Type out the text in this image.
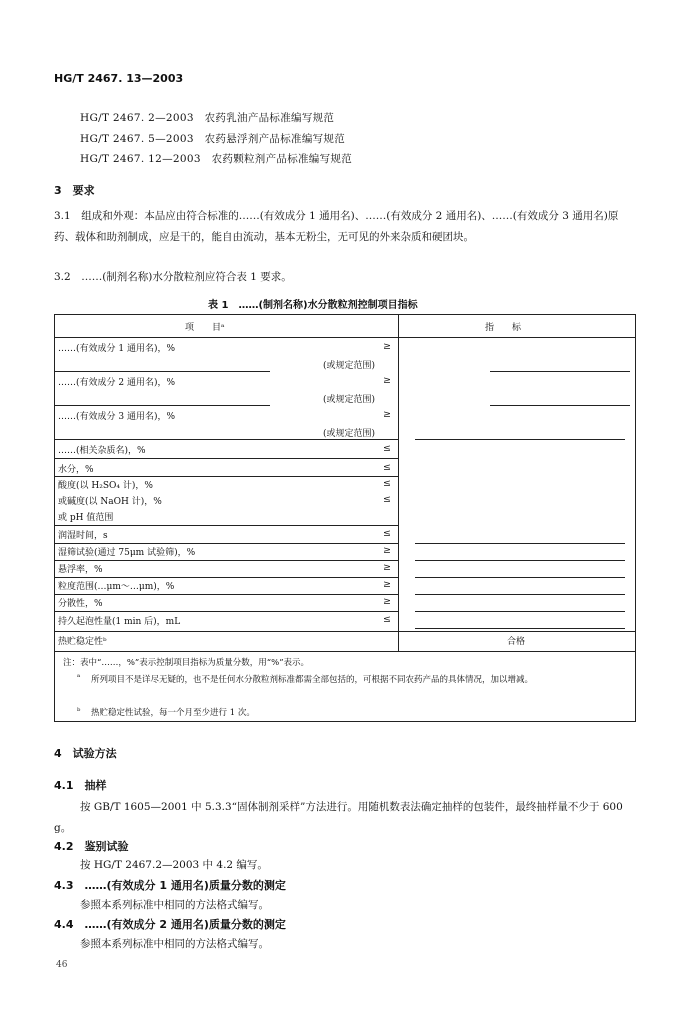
HG/T 2467. 13—2003
HG/T 2467. 2—2003　农药乳油产品标准编写规范
HG/T 2467. 5—2003　农药悬浮剂产品标准编写规范
HG/T 2467. 12—2003　农药颗粒剂产品标准编写规范
3　要求
3.1　组成和外观：本品应由符合标准的……(有效成分 1 通用名)、……(有效成分 2 通用名)、……(有效成分 3 通用名)原药、载体和助剂制成，应是干的，能自由流动，基本无粉尘，无可见的外来杂质和硬团块。
3.2　……(制剂名称)水分散粒剂应符合表 1 要求。
表 1　……(制剂名称)水分散粒剂控制项目指标
项　　目ᵃ	指　　标
……(有效成分 1 通用名)，%	≥
(或规定范围)
……(有效成分 2 通用名)，%	≥
(或规定范围)
……(有效成分 3 通用名)，%	≥
(或规定范围)
……(相关杂质名)，%	≤
水分，%	≤
酸度(以 H₂SO₄ 计)，%	≤
或碱度(以 NaOH 计)，%	≤
或 pH 值范围
润湿时间，s	≤
湿筛试验(通过 75μm 试验筛)，%	≥
悬浮率，%	≥
粒度范围(…μm～…μm)，%	≥
分散性，%	≥
持久起泡性量(1 min 后)，mL	≤
热贮稳定性ᵇ	合格
注：表中“……，%”表示控制项目指标为质量分数，用“%”表示。
ᵃ 所列项目不是详尽无疑的，也不是任何水分散粒剂标准都需全部包括的，可根据不同农药产品的具体情况，加以增减。
ᵇ 热贮稳定性试验，每一个月至少进行 1 次。
4　试验方法
4.1　抽样
按 GB/T 1605—2001 中 5.3.3“固体制剂采样”方法进行。用随机数表法确定抽样的包装件，最终抽样量不少于 600 g。
4.2　鉴别试验
按 HG/T 2467.2—2003 中 4.2 编写。
4.3　……(有效成分 1 通用名)质量分数的测定
参照本系列标准中相同的方法格式编写。
4.4　……(有效成分 2 通用名)质量分数的测定
参照本系列标准中相同的方法格式编写。
46
